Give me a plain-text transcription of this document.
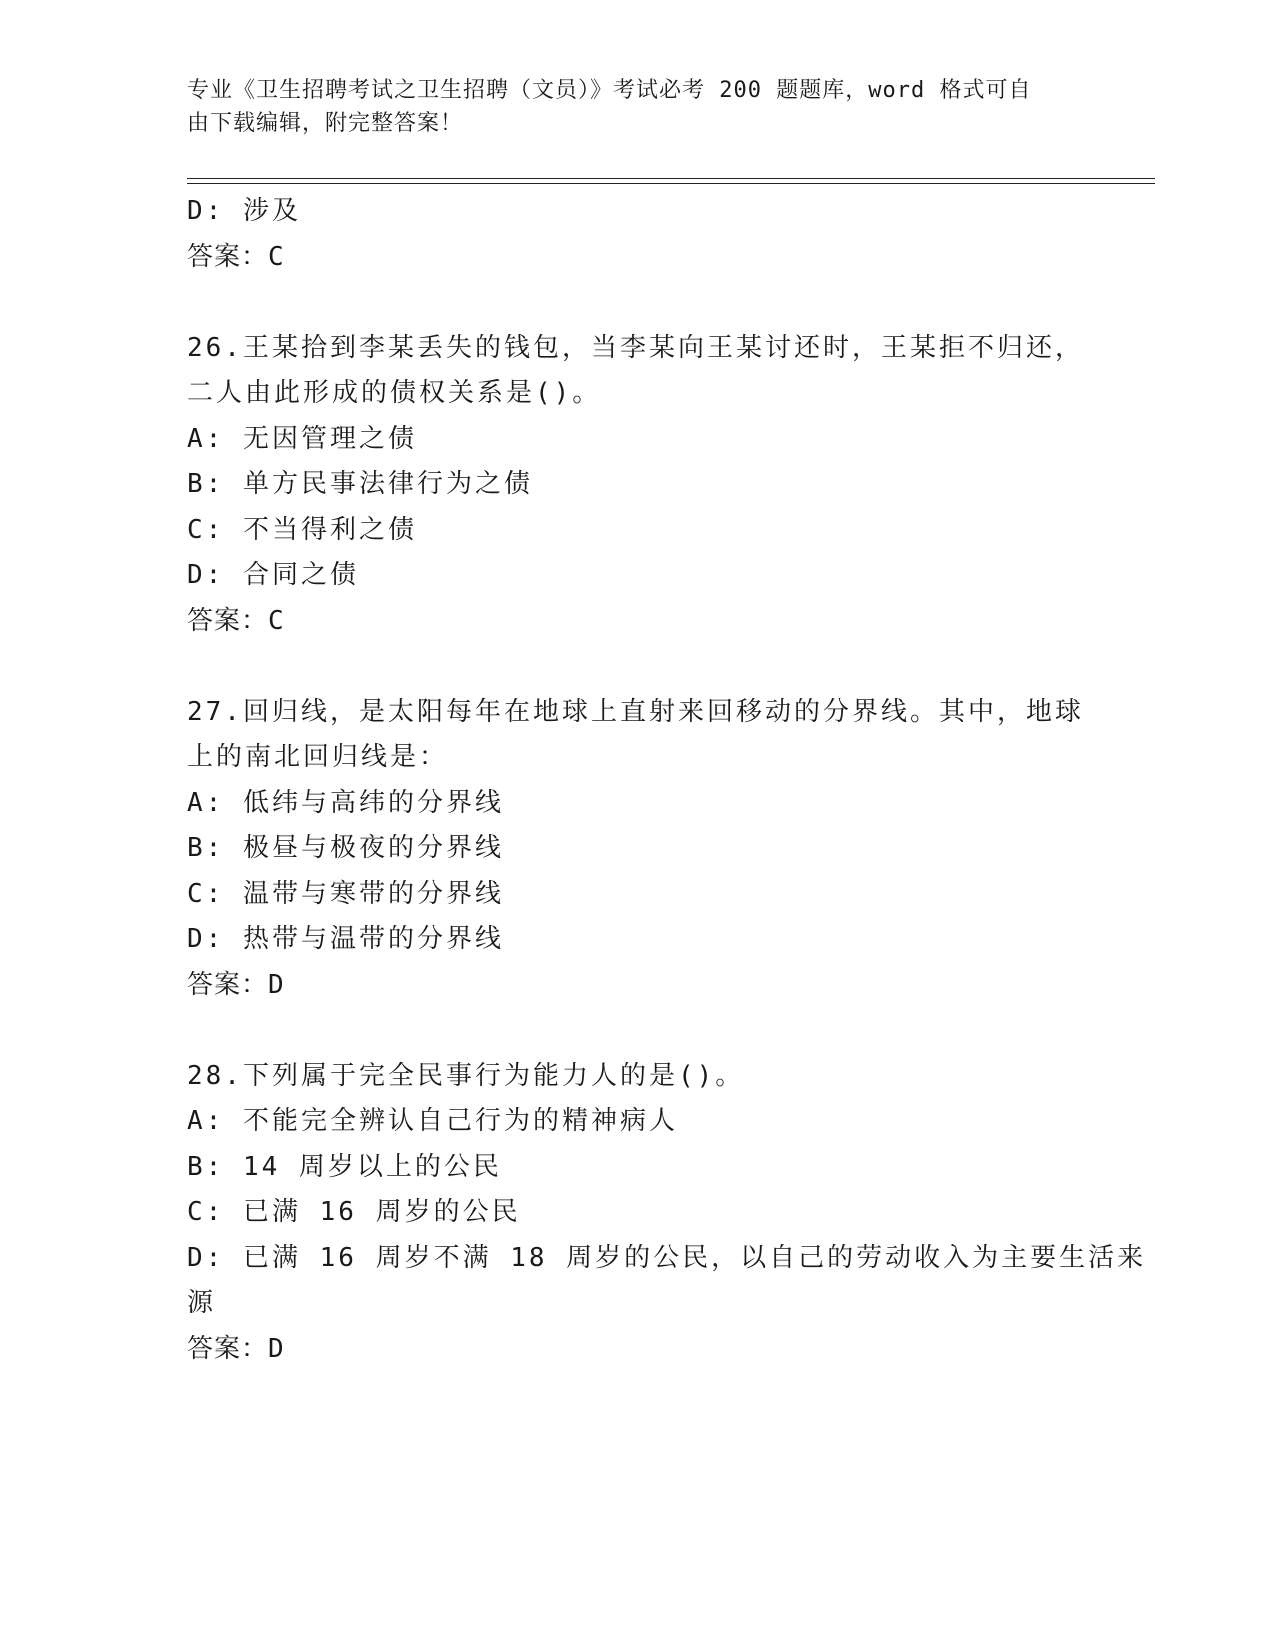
专业《卫生招聘考试之卫生招聘（文员）》考试必考 200 题题库，word 格式可自
由下载编辑，附完整答案！
D: 涉及
答案：C
26.王某拾到李某丢失的钱包，当李某向王某讨还时，王某拒不归还，
二人由此形成的债权关系是()。
A: 无因管理之债
B: 单方民事法律行为之债
C: 不当得利之债
D: 合同之债
答案：C
27.回归线，是太阳每年在地球上直射来回移动的分界线。其中，地球
上的南北回归线是：
A: 低纬与高纬的分界线
B: 极昼与极夜的分界线
C: 温带与寒带的分界线
D: 热带与温带的分界线
答案：D
28.下列属于完全民事行为能力人的是()。
A: 不能完全辨认自己行为的精神病人
B: 14 周岁以上的公民
C: 已满 16 周岁的公民
D: 已满 16 周岁不满 18 周岁的公民，以自己的劳动收入为主要生活来
源
答案：D
